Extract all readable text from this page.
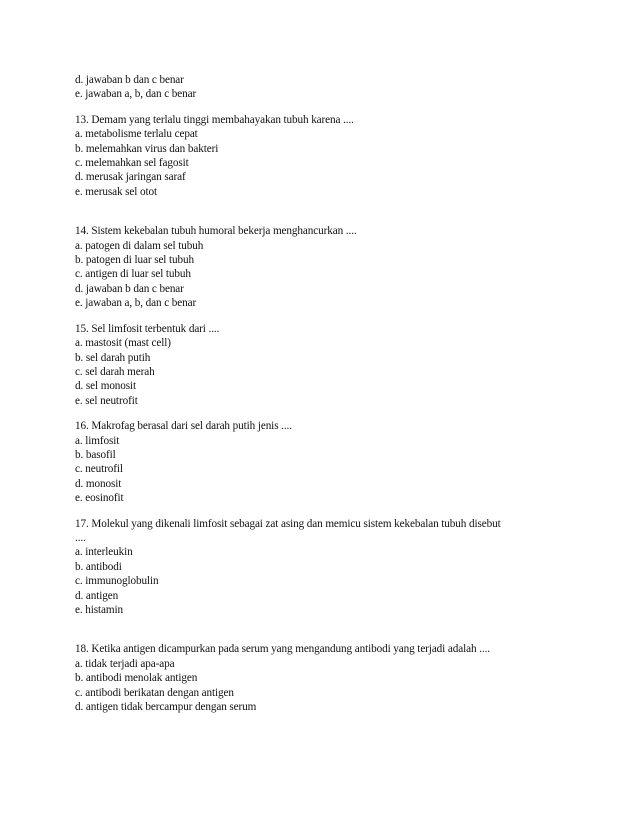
d. jawaban b dan c benar
e. jawaban a, b, dan c benar
13. Demam yang terlalu tinggi membahayakan tubuh karena ....
a. metabolisme terlalu cepat
b. melemahkan virus dan bakteri
c. melemahkan sel fagosit
d. merusak jaringan saraf
e. merusak sel otot
14. Sistem kekebalan tubuh humoral bekerja menghancurkan ....
a. patogen di dalam sel tubuh
b. patogen di luar sel tubuh
c. antigen di luar sel tubuh
d. jawaban b dan c benar
e. jawaban a, b, dan c benar
15. Sel limfosit terbentuk dari ....
a. mastosit (mast cell)
b. sel darah putih
c. sel darah merah
d. sel monosit
e. sel neutrofit
16. Makrofag berasal dari sel darah putih jenis ....
a. limfosit
b. basofil
c. neutrofil
d. monosit
e. eosinofit
17. Molekul yang dikenali limfosit sebagai zat asing dan memicu sistem kekebalan tubuh disebut
....
a. interleukin
b. antibodi
c. immunoglobulin
d. antigen
e. histamin
18. Ketika antigen dicampurkan pada serum yang mengandung antibodi yang terjadi adalah ....
a. tidak terjadi apa-apa
b. antibodi menolak antigen
c. antibodi berikatan dengan antigen
d. antigen tidak bercampur dengan serum
